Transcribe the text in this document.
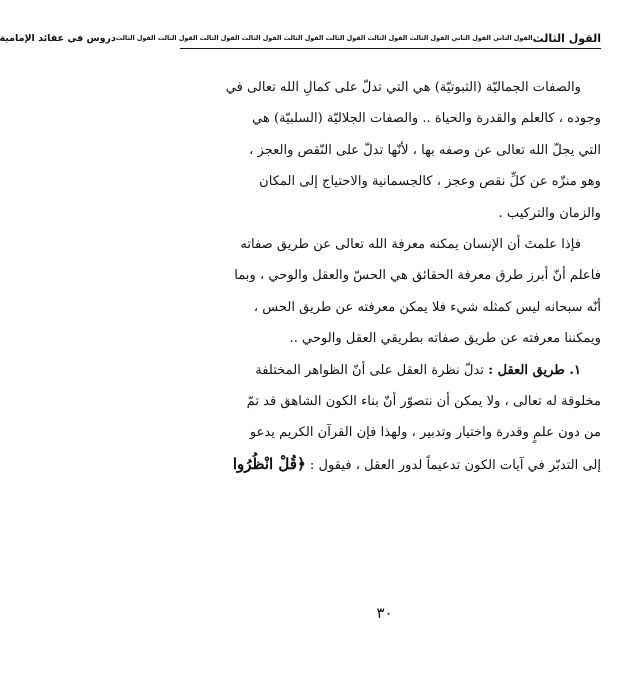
القول الثالث
القول الثاني القول الثاني القول الثالث القول الثالث القول الثالث القول الثالث القول الثالث القول الثالث القول الثالث القول الثالث
دروس في عقائد الإمامية
والصفات الجماليّة (الثبوتيّة) هي التي تدلّ على كمالِ الله تعالى في
وجوده ، كالعلم والقدرة والحياة .. والصفات الجلاليّة (السلبيّة) هي
التي يجلّ الله تعالى عن وصفه بها ، لأنّها تدلّ على النّقص والعجز ،
وهو منزّه عن كلِّ نقص وعجز ، كالجسمانية والاحتياج إلى المكان
والزمان والتركيب .
فإذا علمتَ أن الإنسان يمكنه معرفة الله تعالى عن طريق صفاته
فاعلم أنّ أبرز طرق معرفة الحقائق هي الحسّ والعقل والوحي ، وبما
أنّه سبحانه ليس كمثله شيء فلا يمكن معرفته عن طريق الحس ،
ويمكننا معرفته عن طريق صفاته بطريقي العقل والوحي ..
١. طريق العقل : تدلّ نظرة العقل على أنّ الظواهر المختلفة
مخلوقة له تعالى ، ولا يمكن أن نتصوّر أنّ بناء الكون الشاهق قد تمّ
من دون علمٍ وقدرة واختيار وتدبير ، ولهذا فإن القرآن الكريم يدعو
إلى التدبّر في آيات الكون تدعيماً لدور العقل ، فيقول : ﴿قُلْ انْظُرُوا
٣٠
